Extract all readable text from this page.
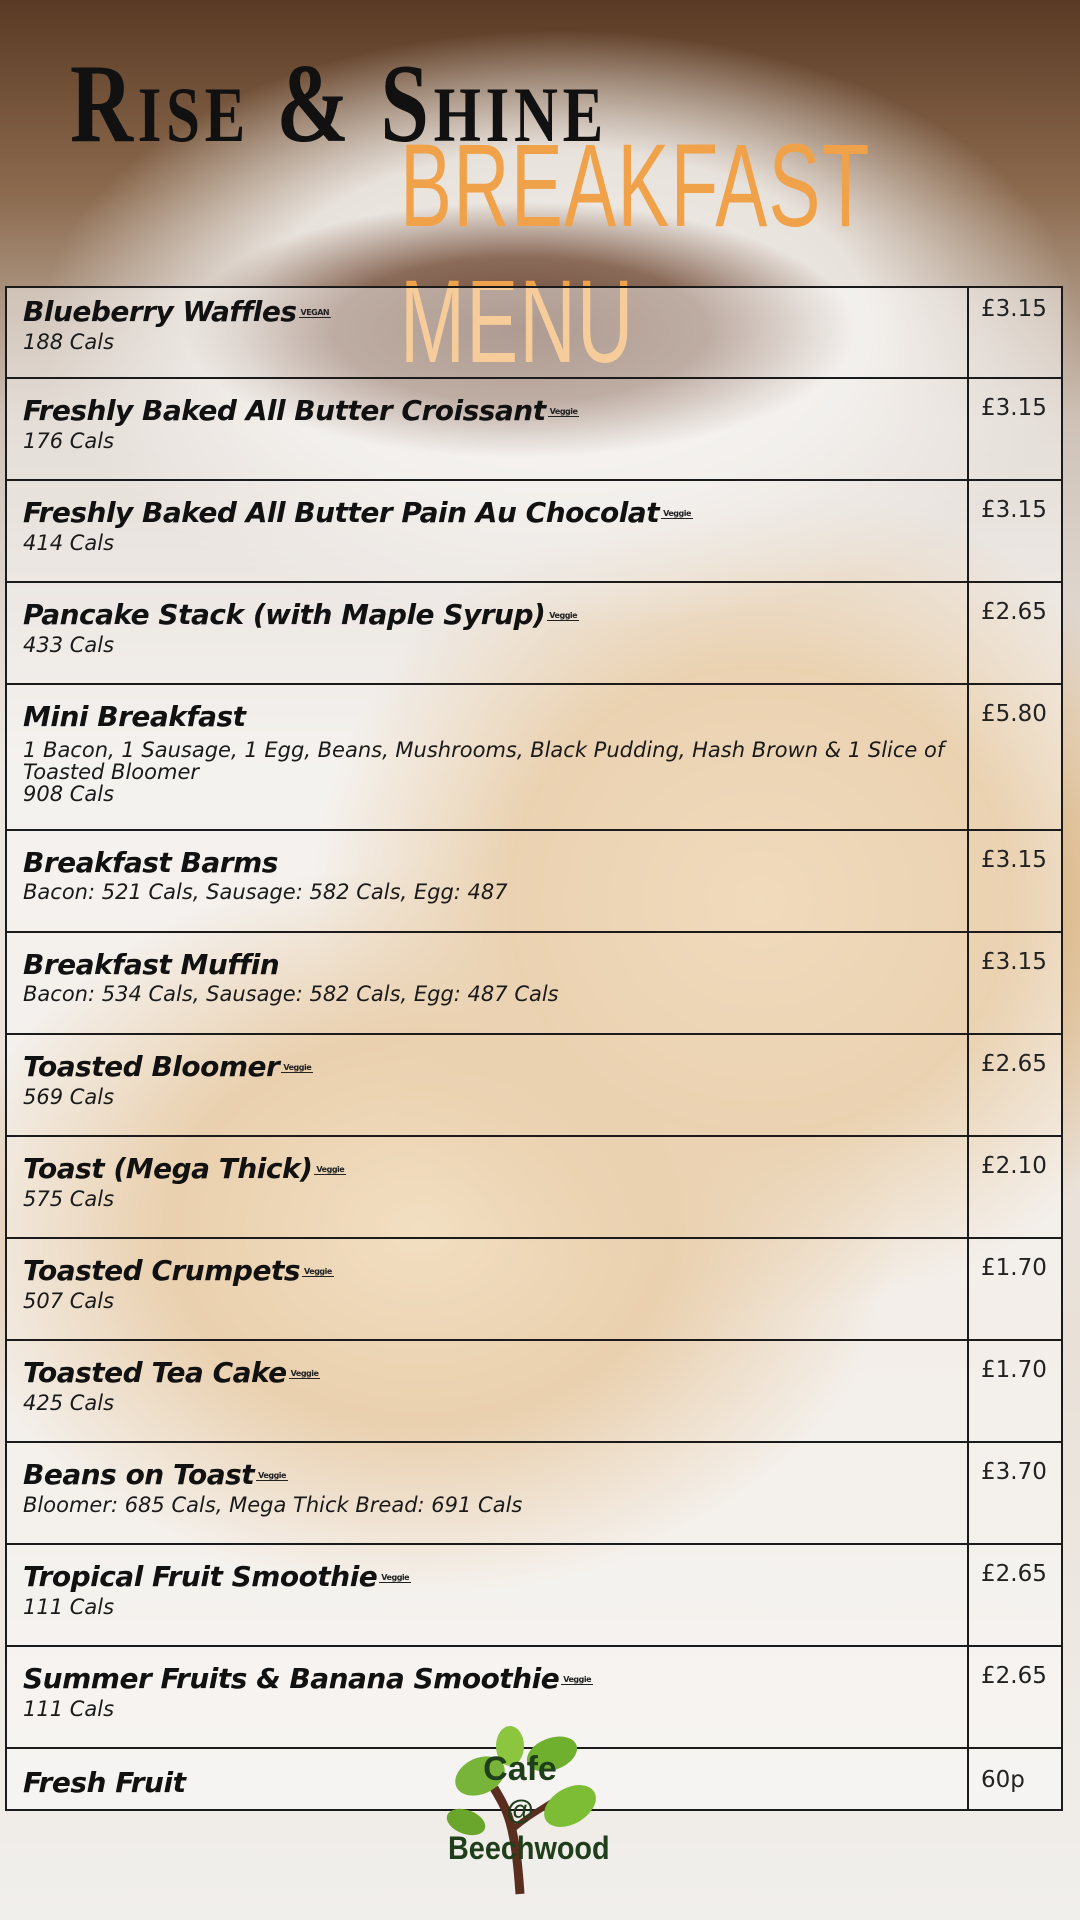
Rise & Shine
BREAKFAST MENU
Blueberry Waffles $^{VEGAN}$
188 Cals
£3.15
Freshly Baked All Butter Croissant $^{Veggie}$
176 Cals
£3.15
Freshly Baked All Butter Pain Au Chocolat $^{Veggie}$
414 Cals
£3.15
Pancake Stack (with Maple Syrup) $^{Veggie}$
433 Cals
£2.65
Mini Breakfast
1 Bacon, 1 Sausage, 1 Egg, Beans, Mushrooms, Black Pudding, Hash Brown & 1 Slice of Toasted Bloomer
908 Cals
£5.80
Breakfast Barms
Bacon: 521 Cals, Sausage: 582 Cals, Egg: 487
£3.15
Breakfast Muffin
Bacon: 534 Cals, Sausage: 582 Cals, Egg: 487 Cals
£3.15
Toasted Bloomer $^{Veggie}$
569 Cals
£2.65
Toast (Mega Thick) $^{Veggie}$
575 Cals
£2.10
Toasted Crumpets $^{Veggie}$
507 Cals
£1.70
Toasted Tea Cake $^{Veggie}$
425 Cals
£1.70
Beans on Toast $^{Veggie}$
Bloomer: 685 Cals, Mega Thick Bread: 691 Cals
£3.70
Tropical Fruit Smoothie $^{Veggie}$
111 Cals
£2.65
Summer Fruits & Banana Smoothie $^{Veggie}$
111 Cals
£2.65
Fresh Fruit	60p
Cafe
@
Beechwood
